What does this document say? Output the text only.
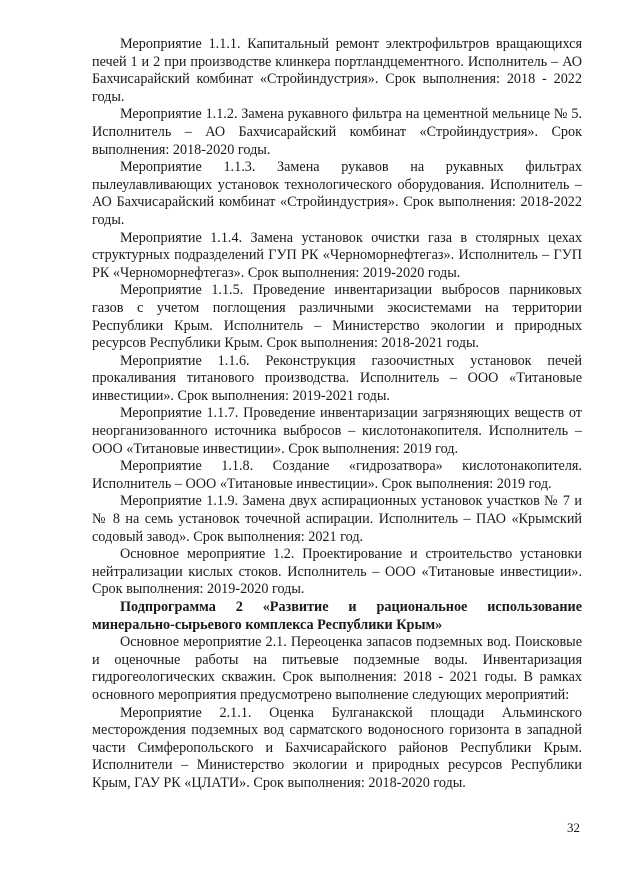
Мероприятие 1.1.1. Капитальный ремонт электрофильтров вращающихся печей 1 и 2 при производстве клинкера портландцементного. Исполнитель – АО Бахчисарайский комбинат «Стройиндустрия». Срок выполнения: 2018 - 2022 годы.

Мероприятие 1.1.2. Замена рукавного фильтра на цементной мельнице № 5. Исполнитель – АО Бахчисарайский комбинат «Стройиндустрия». Срок выполнения: 2018-2020 годы.

Мероприятие 1.1.3. Замена рукавов на рукавных фильтрах пылеулавливающих установок технологического оборудования. Исполнитель – АО Бахчисарайский комбинат «Стройиндустрия». Срок выполнения: 2018-2022 годы.

Мероприятие 1.1.4. Замена установок очистки газа в столярных цехах структурных подразделений ГУП РК «Черноморнефтегаз». Исполнитель – ГУП РК «Черноморнефтегаз». Срок выполнения: 2019-2020 годы.

Мероприятие 1.1.5. Проведение инвентаризации выбросов парниковых газов с учетом поглощения различными экосистемами на территории Республики Крым. Исполнитель – Министерство экологии и природных ресурсов Республики Крым. Срок выполнения: 2018-2021 годы.

Мероприятие 1.1.6. Реконструкция газоочистных установок печей прокаливания титанового производства. Исполнитель – ООО «Титановые инвестиции». Срок выполнения: 2019-2021 годы.

Мероприятие 1.1.7. Проведение инвентаризации загрязняющих веществ от неорганизованного источника выбросов – кислотонакопителя. Исполнитель – ООО «Титановые инвестиции». Срок выполнения: 2019 год.

Мероприятие 1.1.8. Создание «гидрозатвора» кислотонакопителя. Исполнитель – ООО «Титановые инвестиции». Срок выполнения: 2019 год.

Мероприятие 1.1.9. Замена двух аспирационных установок участков № 7 и № 8 на семь установок точечной аспирации. Исполнитель – ПАО «Крымский содовый завод». Срок выполнения: 2021 год.

Основное мероприятие 1.2. Проектирование и строительство установки нейтрализации кислых стоков. Исполнитель – ООО «Титановые инвестиции». Срок выполнения: 2019-2020 годы.

Подпрограмма 2 «Развитие и рациональное использование минерально-сырьевого комплекса Республики Крым»

Основное мероприятие 2.1. Переоценка запасов подземных вод. Поисковые и оценочные работы на питьевые подземные воды. Инвентаризация гидрогеологических скважин. Срок выполнения: 2018 - 2021 годы. В рамках основного мероприятия предусмотрено выполнение следующих мероприятий:

Мероприятие 2.1.1. Оценка Булганакской площади Альминского месторождения подземных вод сарматского водоносного горизонта в западной части Симферопольского и Бахчисарайского районов Республики Крым. Исполнители – Министерство экологии и природных ресурсов Республики Крым, ГАУ РК «ЦЛАТИ». Срок выполнения: 2018-2020 годы.

32
